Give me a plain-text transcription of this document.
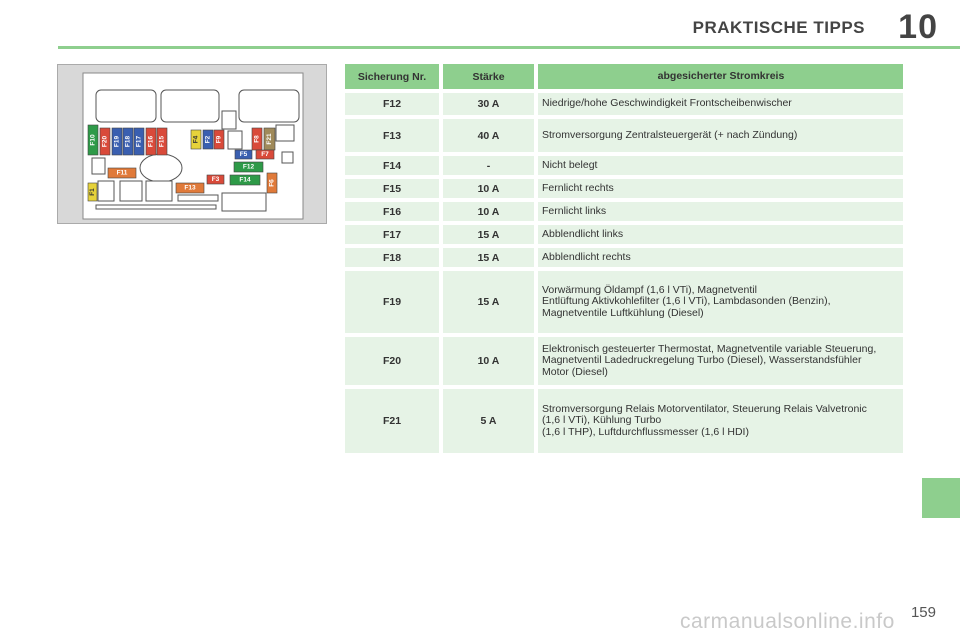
PRAKTISCHE TIPPS 10
F10 F20 F19 F18 F17 F16 F15	F4 F2 F9	F8 F21
F5 F7
F12
F11
F3	F14	F6
F1
F13
Sicherung Nr.	Stärke	abgesicherter Stromkreis
F12	30 A	Niedrige/hohe Geschwindigkeit Frontscheibenwischer
F13	40 A	Stromversorgung Zentralsteuergerät (+ nach Zündung)
F14	-	Nicht belegt
F15	10 A	Fernlicht rechts
F16	10 A	Fernlicht links
F17	15 A	Abblendlicht links
F18	15 A	Abblendlicht rechts
F19	15 A
Vorwärmung Öldampf (1,6 l VTi), Magnetventil
Entlüftung Aktivkohlefilter (1,6 l VTi), Lambdasonden (Benzin),
Magnetventile Luftkühlung (Diesel)
F20	10 A
Elektronisch gesteuerter Thermostat, Magnetventile variable Steuerung,
Magnetventil Ladedruckregelung Turbo (Diesel), Wasserstandsfühler
Motor (Diesel)
F21	5 A
Stromversorgung Relais Motorventilator, Steuerung Relais Valvetronic
(1,6 l VTi), Kühlung Turbo
(1,6 l THP), Luftdurchflussmesser (1,6 l HDI)
159
carmanualsonline.info
